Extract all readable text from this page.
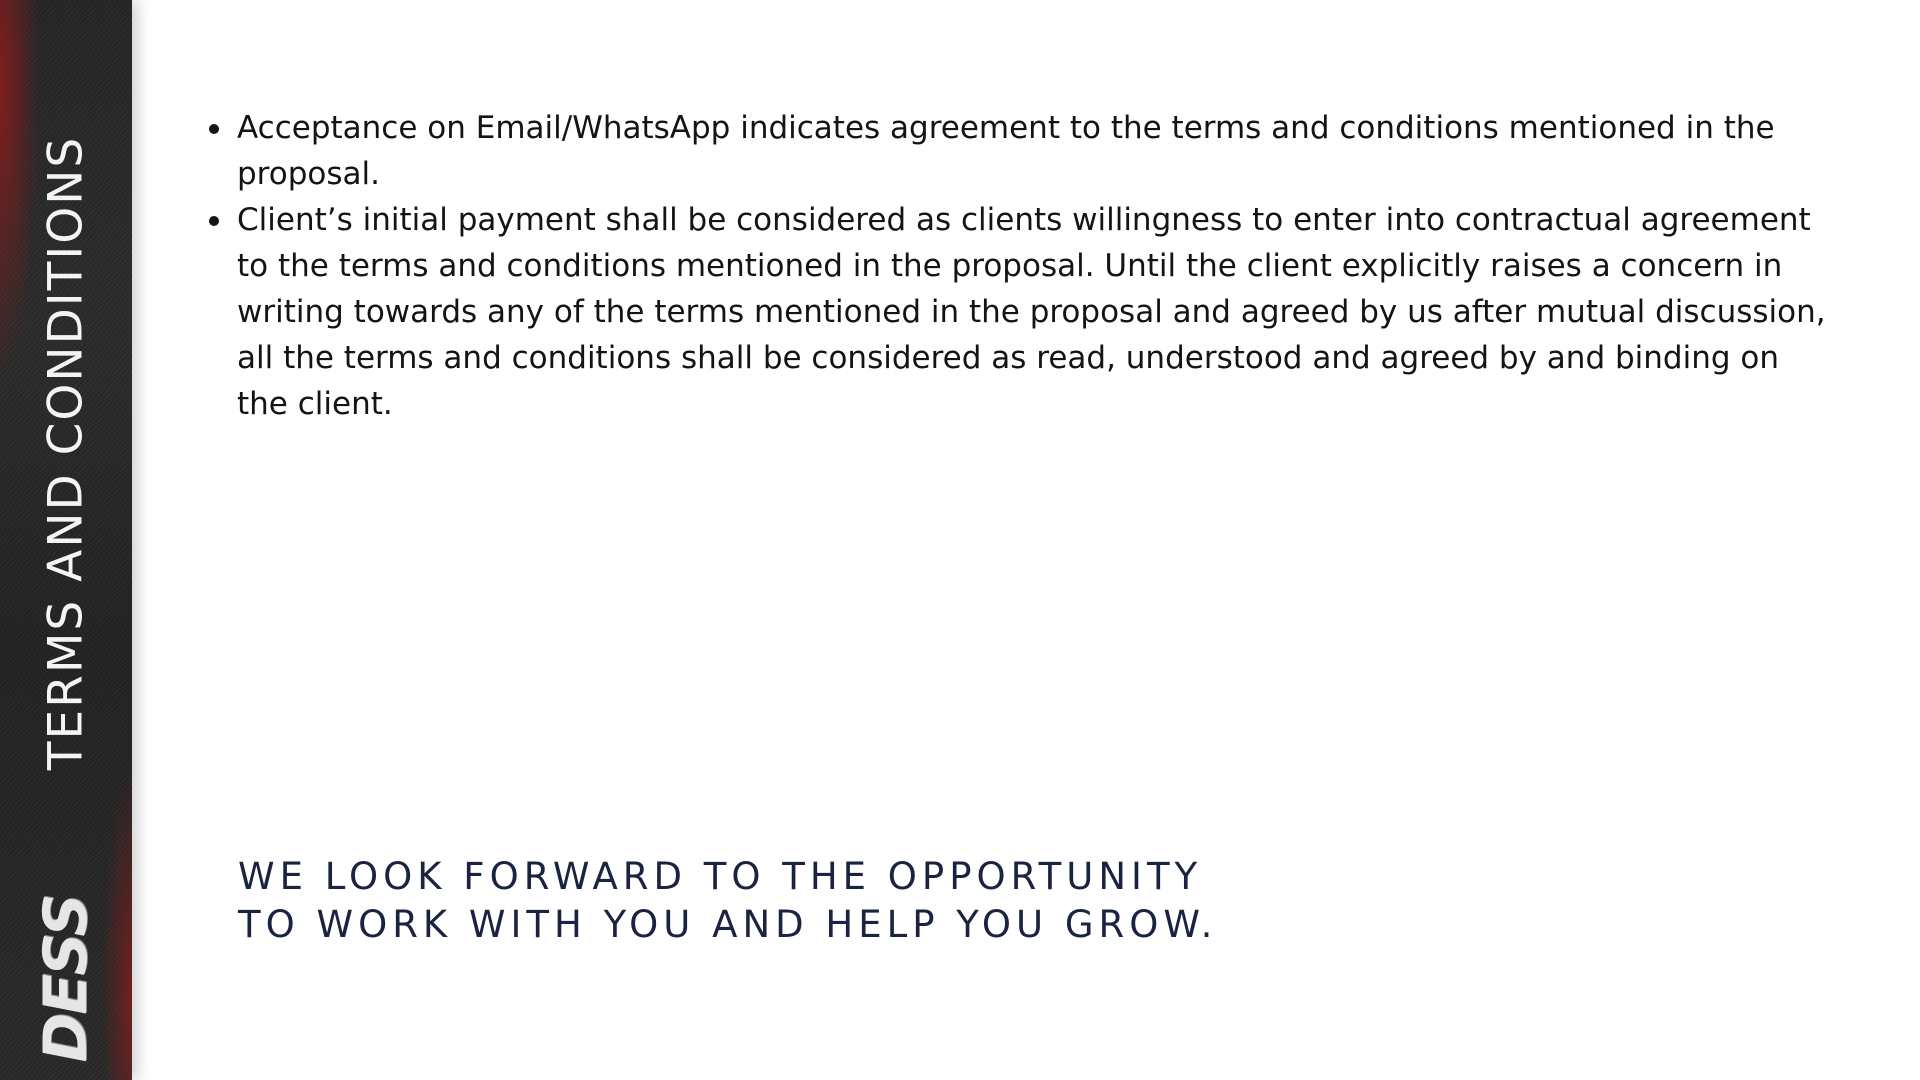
TERMS AND CONDITIONS
DESS
Acceptance on Email/WhatsApp indicates agreement to the terms and conditions mentioned in the proposal.
Client’s initial payment shall be considered as clients willingness to enter into contractual agreement to the terms and conditions mentioned in the proposal. Until the client explicitly raises a concern in writing towards any of the terms mentioned in the proposal and agreed by us after mutual discussion, all the terms and conditions shall be considered as read, understood and agreed by and binding on the client.
WE LOOK FORWARD TO THE OPPORTUNITY
TO WORK WITH YOU AND HELP YOU GROW.
